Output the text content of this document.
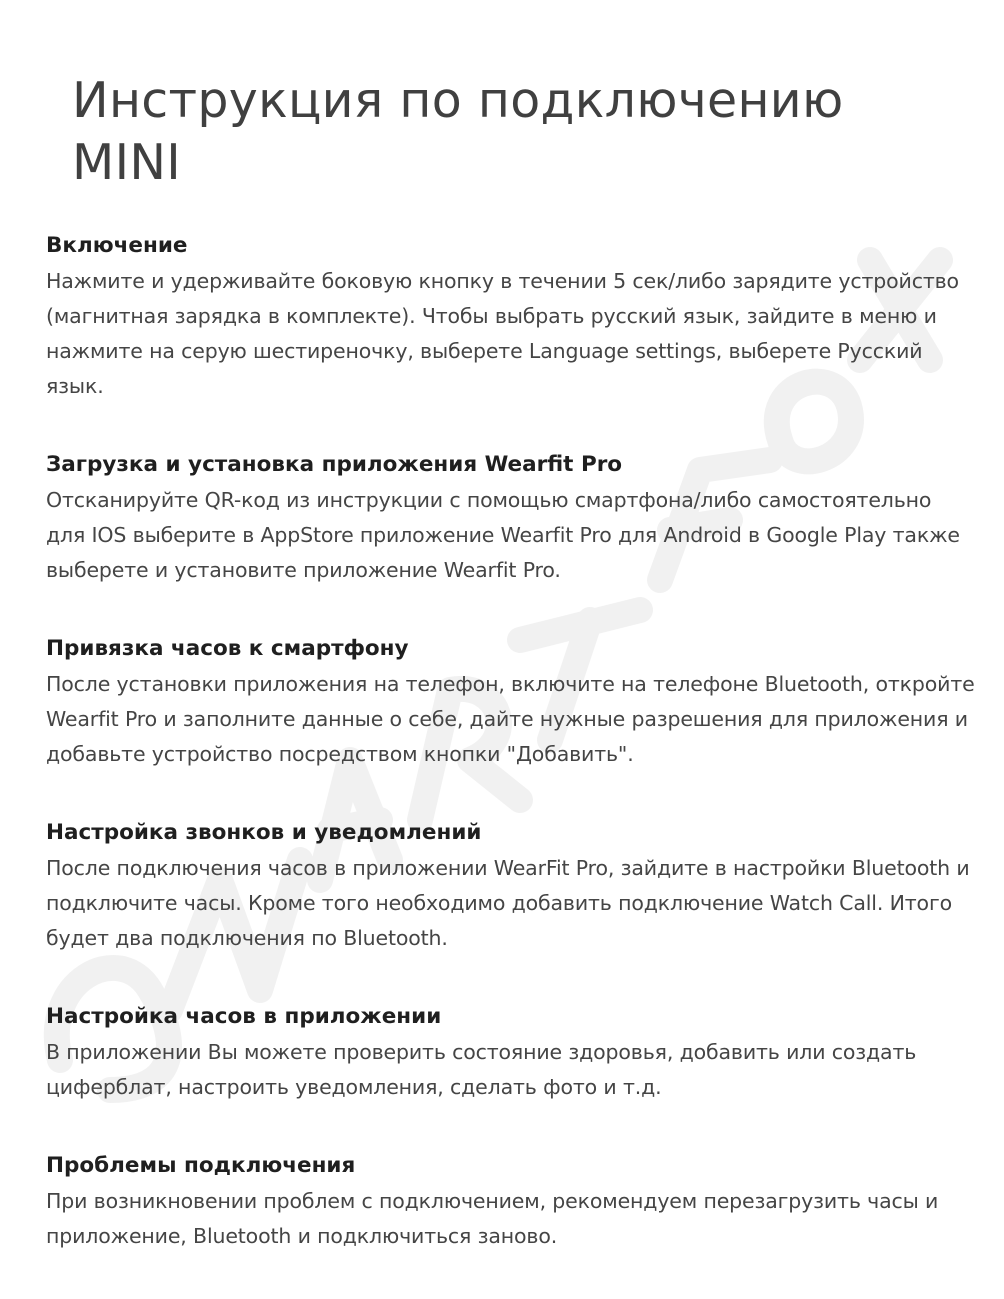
Инструкция по подключению
MINI
Включение

Нажмите и удерживайте боковую кнопку в течении 5 сек/либо зарядите устройство (магнитная зарядка в комплекте). Чтобы выбрать русский язык, зайдите в меню и нажмите на серую шестиреночку, выберете Language settings, выберете Русский язык.

Загрузка и установка приложения Wearfit Pro

Отсканируйте QR-код из инструкции с помощью смартфона/либо самостоятельно для IOS выберите в AppStore приложение Wearfit Pro для Android в Google Play также выберете и установите приложение Wearfit Pro.

Привязка часов к смартфону

После установки приложения на телефон, включите на телефоне Bluetooth, откройте Wearfit Pro и заполните данные о себе, дайте нужные разрешения для приложения и добавьте устройство посредством кнопки "Добавить".

Настройка звонков и уведомлений

После подключения часов в приложении WearFit Pro, зайдите в настройки Bluetooth и подключите часы. Кроме того необходимо добавить подключение Watch Call. Итого будет два подключения по Bluetooth.

Настройка часов в приложении

В приложении Вы можете проверить состояние здоровья, добавить или создать циферблат, настроить уведомления, сделать фото и т.д.

Проблемы подключения

При возникновении проблем с подключением, рекомендуем перезагрузить часы и приложение, Bluetooth и подключиться заново.
